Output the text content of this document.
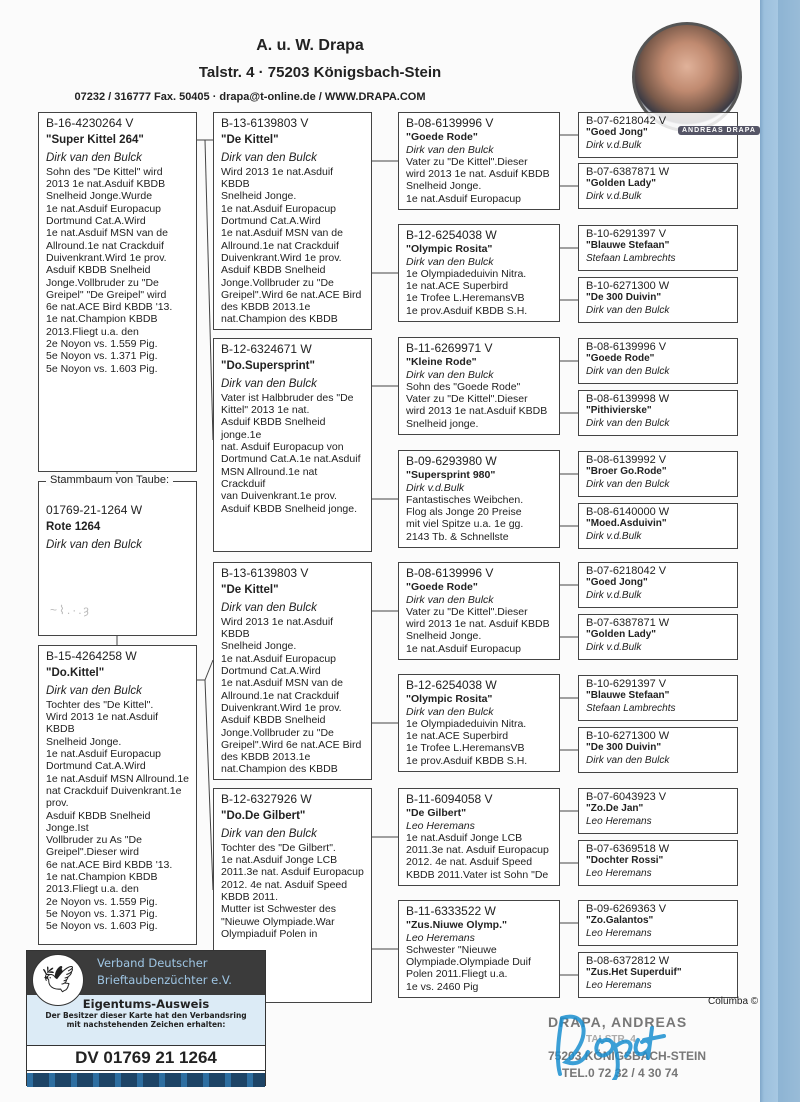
A. u. W. Drapa
Talstr. 4 · 75203 Königsbach-Stein
07232 / 316777 Fax. 50405 · drapa@t-online.de / WWW.DRAPA.COM
01769-21-1264 W
Rote 1264
Dirk van den Bulck
Stammbaum von Taube:
~⌇.·.ȝ
B-16-4230264 V
"Super Kittel 264"
Dirk van den Bulck
Sohn des "De Kittel" wird
2013 1e nat.Asduif KBDB
Snelheid Jonge.Wurde
1e nat.Asduif Europacup
Dortmund Cat.A.Wird
1e nat.Asduif MSN van de
Allround.1e nat Crackduif
Duivenkrant.Wird 1e prov.
Asduif KBDB Snelheid
Jonge.Vollbruder zu "De
Greipel" "De Greipel" wird
6e nat.ACE Bird KBDB '13.
1e nat.Champion KBDB
2013.Fliegt u.a. den
2e Noyon vs. 1.559 Pig.
5e Noyon vs. 1.371 Pig.
5e Noyon vs. 1.603 Pig.
B-15-4264258 W
"Do.Kittel"
Dirk van den Bulck
Tochter des "De Kittel".
Wird 2013 1e nat.Asduif KBDB
Snelheid Jonge.
1e nat.Asduif Europacup
Dortmund Cat.A.Wird
1e nat.Asduif MSN Allround.1e
nat Crackduif Duivenkrant.1e
prov.
Asduif KBDB Snelheid Jonge.Ist
Vollbruder zu As "De
Greipel".Dieser wird
6e nat.ACE Bird KBDB '13.
1e nat.Champion KBDB
2013.Fliegt u.a. den
2e Noyon vs. 1.559 Pig.
5e Noyon vs. 1.371 Pig.
5e Noyon vs. 1.603 Pig.
B-13-6139803 V
"De Kittel"
Dirk van den Bulck
Wird 2013 1e nat.Asduif KBDB
Snelheid Jonge.
1e nat.Asduif Europacup
Dortmund Cat.A.Wird
1e nat.Asduif MSN van de
Allround.1e nat Crackduif
Duivenkrant.Wird 1e prov.
Asduif KBDB Snelheid
Jonge.Vollbruder zu "De
Greipel".Wird 6e nat.ACE Bird
des KBDB 2013.1e
nat.Champion des KBDB
B-12-6324671 W
"Do.Supersprint"
Dirk van den Bulck
Vater ist Halbbruder des "De
Kittel" 2013 1e nat.
Asduif KBDB Snelheid jonge.1e
nat. Asduif Europacup von
Dortmund Cat.A.1e nat.Asduif
MSN Allround.1e nat Crackduif
van Duivenkrant.1e prov.
Asduif KBDB Snelheid jonge.
B-13-6139803 V
"De Kittel"
Dirk van den Bulck
Wird 2013 1e nat.Asduif KBDB
Snelheid Jonge.
1e nat.Asduif Europacup
Dortmund Cat.A.Wird
1e nat.Asduif MSN van de
Allround.1e nat Crackduif
Duivenkrant.Wird 1e prov.
Asduif KBDB Snelheid
Jonge.Vollbruder zu "De
Greipel".Wird 6e nat.ACE Bird
des KBDB 2013.1e
nat.Champion des KBDB
B-12-6327926 W
"Do.De Gilbert"
Dirk van den Bulck
Tochter des "De Gilbert".
1e nat.Asduif Jonge LCB
2011.3e nat. Asduif Europacup
2012. 4e nat. Asduif Speed
KBDB 2011.
Mutter ist Schwester des
"Nieuwe Olympiade.War
Olympiaduif Polen in
B-08-6139996 V
"Goede Rode"
Dirk van den Bulck
Vater zu "De Kittel".Dieser
wird 2013 1e nat. Asduif KBDB
Snelheid Jonge.
1e nat.Asduif Europacup
B-12-6254038 W
"Olympic Rosita"
Dirk van den Bulck
1e Olympiadeduivin Nitra.
1e nat.ACE Superbird
1e Trofee L.HeremansVB
1e prov.Asduif KBDB S.H.
B-11-6269971 V
"Kleine Rode"
Dirk van den Bulck
Sohn des "Goede Rode"
Vater zu "De Kittel".Dieser
wird 2013 1e nat.Asduif KBDB
Snelheid jonge.
B-09-6293980 W
"Supersprint 980"
Dirk v.d.Bulk
Fantastisches Weibchen.
Flog als Jonge 20 Preise
mit viel Spitze u.a. 1e gg.
2143 Tb. & Schnellste
B-08-6139996 V
"Goede Rode"
Dirk van den Bulck
Vater zu "De Kittel".Dieser
wird 2013 1e nat. Asduif KBDB
Snelheid Jonge.
1e nat.Asduif Europacup
B-12-6254038 W
"Olympic Rosita"
Dirk van den Bulck
1e Olympiadeduivin Nitra.
1e nat.ACE Superbird
1e Trofee L.HeremansVB
1e prov.Asduif KBDB S.H.
B-11-6094058 V
"De Gilbert"
Leo Heremans
1e nat.Asduif Jonge LCB
2011.3e nat. Asduif Europacup
2012. 4e nat. Asduif Speed
KBDB 2011.Vater ist Sohn "De
B-11-6333522 W
"Zus.Niuwe Olymp."
Leo Heremans
Schwester "Nieuwe
Olympiade.Olympiade Duif
Polen 2011.Fliegt u.a.
1e vs. 2460 Pig
B-07-6218042 V
"Goed Jong"
Dirk v.d.Bulk
B-07-6387871 W
"Golden Lady"
Dirk v.d.Bulk
B-10-6291397 V
"Blauwe Stefaan"
Stefaan Lambrechts
B-10-6271300 W
"De 300 Duivin"
Dirk van den Bulck
B-08-6139996 V
"Goede Rode"
Dirk van den Bulck
B-08-6139998 W
"Pithivierske"
Dirk van den Bulck
B-08-6139992 V
"Broer Go.Rode"
Dirk van den Bulck
B-08-6140000 W
"Moed.Asduivin"
Dirk v.d.Bulk
B-07-6218042 V
"Goed Jong"
Dirk v.d.Bulk
B-07-6387871 W
"Golden Lady"
Dirk v.d.Bulk
B-10-6291397 V
"Blauwe Stefaan"
Stefaan Lambrechts
B-10-6271300 W
"De 300 Duivin"
Dirk van den Bulck
B-07-6043923 V
"Zo.De Jan"
Leo Heremans
B-07-6369518 W
"Dochter Rossi"
Leo Heremans
B-09-6269363 V
"Zo.Galantos"
Leo Heremans
B-08-6372812 W
"Zus.Het Superduif"
Leo Heremans
ANDREAS DRAPA
DRAPA, ANDREAS
TALSTR. 4
75203 KÖNIGSBACH-STEIN
TEL.0 72 32 / 4 30 74
Columba ©
🕊
Verband Deutscher
Brieftaubenzüchter e.V.
Eigentums-Ausweis
Der Besitzer dieser Karte hat den Verbandsring
mit nachstehenden Zeichen erhalten:
DV 01769 21 1264
